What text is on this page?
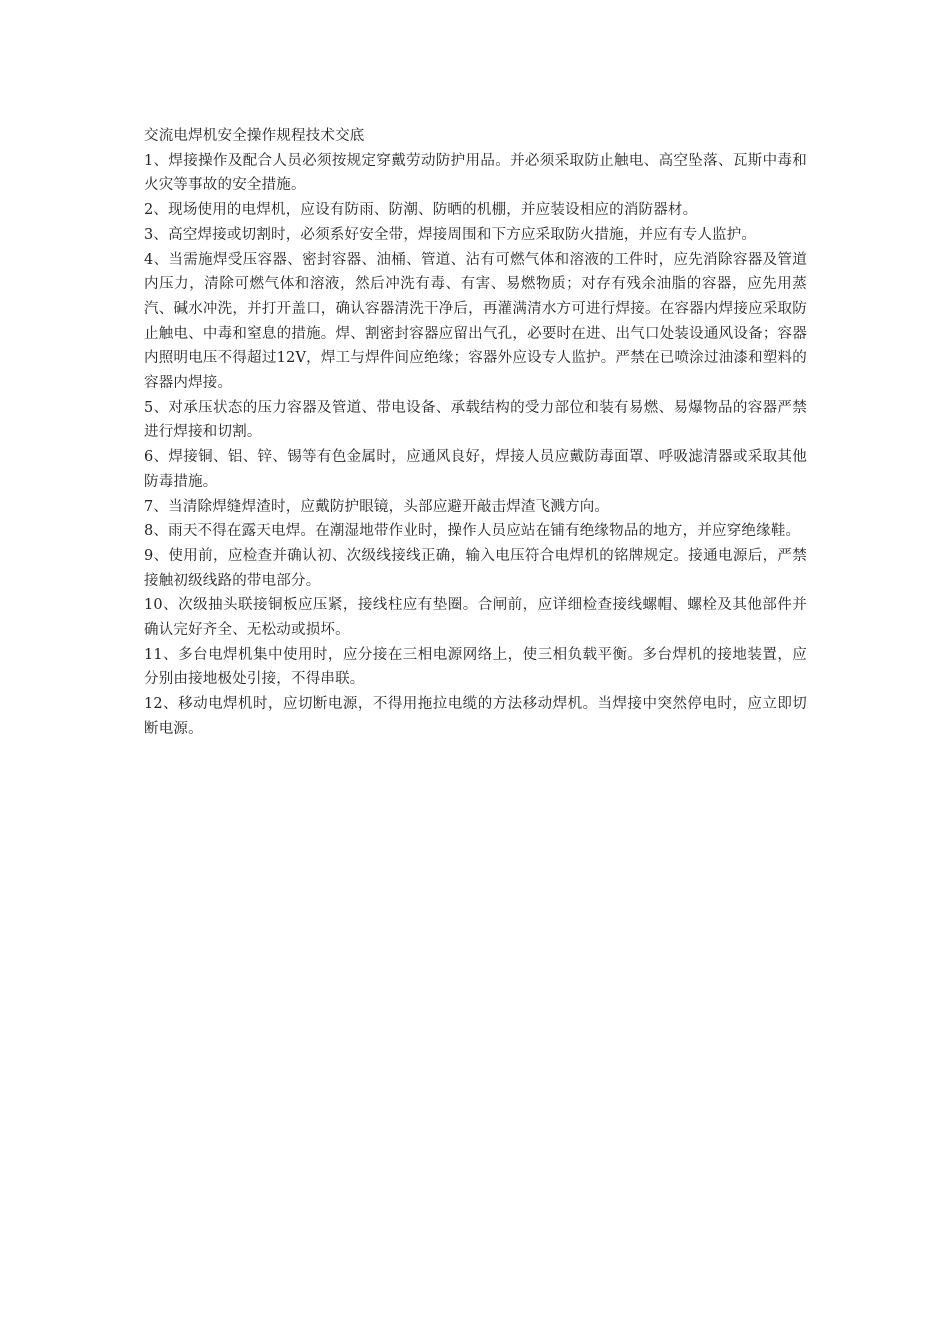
交流电焊机安全操作规程技术交底

1、焊接操作及配合人员必须按规定穿戴劳动防护用品。并必须采取防止触电、高空坠落、瓦斯中毒和火灾等事故的安全措施。

2、现场使用的电焊机，应设有防雨、防潮、防晒的机棚，并应装设相应的消防器材。

3、高空焊接或切割时，必须系好安全带，焊接周围和下方应采取防火措施，并应有专人监护。

4、当需施焊受压容器、密封容器、油桶、管道、沾有可燃气体和溶液的工件时，应先消除容器及管道内压力，清除可燃气体和溶液，然后冲洗有毒、有害、易燃物质；对存有残余油脂的容器，应先用蒸汽、碱水冲洗，并打开盖口，确认容器清洗干净后，再灌满清水方可进行焊接。在容器内焊接应采取防止触电、中毒和窒息的措施。焊、割密封容器应留出气孔，必要时在进、出气口处装设通风设备；容器内照明电压不得超过12V，焊工与焊件间应绝缘；容器外应设专人监护。严禁在已喷涂过油漆和塑料的容器内焊接。

5、对承压状态的压力容器及管道、带电设备、承载结构的受力部位和装有易燃、易爆物品的容器严禁进行焊接和切割。

6、焊接铜、铝、锌、锡等有色金属时，应通风良好，焊接人员应戴防毒面罩、呼吸滤清器或采取其他防毒措施。

7、当清除焊缝焊渣时，应戴防护眼镜，头部应避开敲击焊渣飞溅方向。

8、雨天不得在露天电焊。在潮湿地带作业时，操作人员应站在铺有绝缘物品的地方，并应穿绝缘鞋。

9、使用前，应检查并确认初、次级线接线正确，输入电压符合电焊机的铭牌规定。接通电源后，严禁接触初级线路的带电部分。

10、次级抽头联接铜板应压紧，接线柱应有垫圈。合闸前，应详细检查接线螺帽、螺栓及其他部件并确认完好齐全、无松动或损坏。

11、多台电焊机集中使用时，应分接在三相电源网络上，使三相负载平衡。多台焊机的接地装置，应分别由接地极处引接，不得串联。

12、移动电焊机时，应切断电源，不得用拖拉电缆的方法移动焊机。当焊接中突然停电时，应立即切断电源。
